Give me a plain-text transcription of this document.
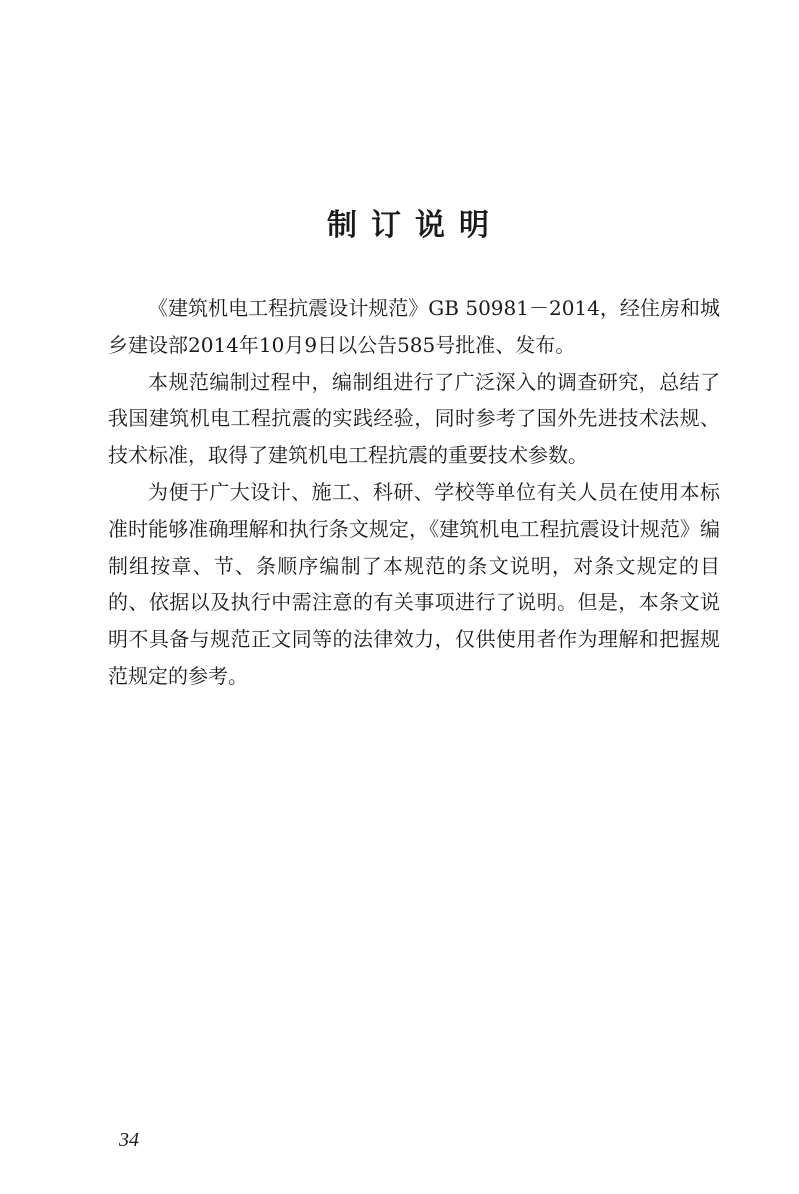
制订说明

《建筑机电工程抗震设计规范》GB 50981－2014，经住房和城乡建设部2014年10月9日以公告585号批准、发布。

本规范编制过程中，编制组进行了广泛深入的调查研究，总结了我国建筑机电工程抗震的实践经验，同时参考了国外先进技术法规、技术标准，取得了建筑机电工程抗震的重要技术参数。

为便于广大设计、施工、科研、学校等单位有关人员在使用本标准时能够准确理解和执行条文规定，《建筑机电工程抗震设计规范》编制组按章、节、条顺序编制了本规范的条文说明，对条文规定的目的、依据以及执行中需注意的有关事项进行了说明。但是，本条文说明不具备与规范正文同等的法律效力，仅供使用者作为理解和把握规范规定的参考。

34
